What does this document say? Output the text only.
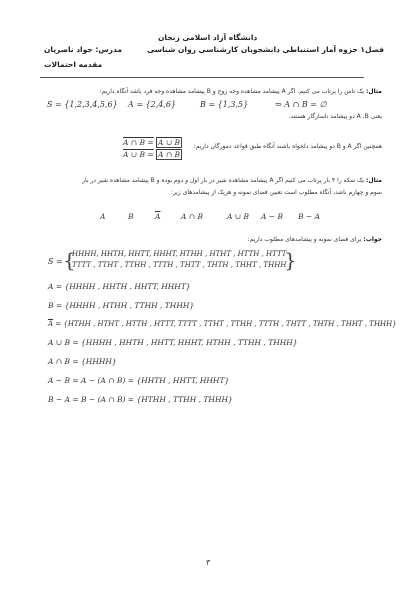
دانشگاه آزاد اسلامی زنجان
فصل۱ جزوه آمار استنباطی دانشجویان کارشناسی روان شناسی
مدرس: جواد ناصریان
مقدمه احتمالات
مثال: یک تاس را پرتاب می کنیم. اگر A پیشامد مشاهده وجه زوج و B پیشامد مشاهده وجه فرد باشد آنگاه داریم:
S = {1,2,3,4,5,6} A = {2,4,6}	B = {1,3,5}	⇒ A ∩ B = ∅
یعنی A ,B دو پیشامد ناسازگار هستند.
همچنین اگر A و B دو پیشامد دلخواه باشند آنگاه طبق قواعد دمورگان داریم:
A ∩ B = A ∪ B
A ∪ B = A ∩ B
مثال: یک سکه را ۴ بار پرتاب می کنیم اگر A پیشامد مشاهده شیر در بار اول و دوم بوده و B پیشامد مشاهده شیر در بار
سوم و چهارم باشد، آنگاه مطلوب است تعیین فضای نمونه و هریک از پیشامدهای زیر:
A	B	$\overline{A}$	A ∩ B	A ∪ B A − B B − A
جواب: برای فضای نمونه و پیشامدهای مطلوب داریم:
S = {
HHHH, HHTH, HHTT, HHHT, HTHH , HTHT , HTTH , HTTT
TTTT , TTHT , TTHH , TTTH , THTT , THTH , THHT , THHH
}
A = {HHHH , HHTH , HHTT, HHHT}
B = {HHHH , HTHH , TTHH , THHH}
$\overline{A}$ = {HTHH , HTHT , HTTH , HTTT, TTTT , TTHT , TTHH , TTTH , THTT , THTH , THHT , THHH}
A ∪ B = {HHHH , HHTH , HHTT, HHHT, HTHH , TTHH , THHH}
A ∩ B = {HHHH}
A − B = A − (A ∩ B) = {HHTH , HHTT, HHHT}
B − A = B − (A ∩ B) = {HTHH , TTHH , THHH}
۳
